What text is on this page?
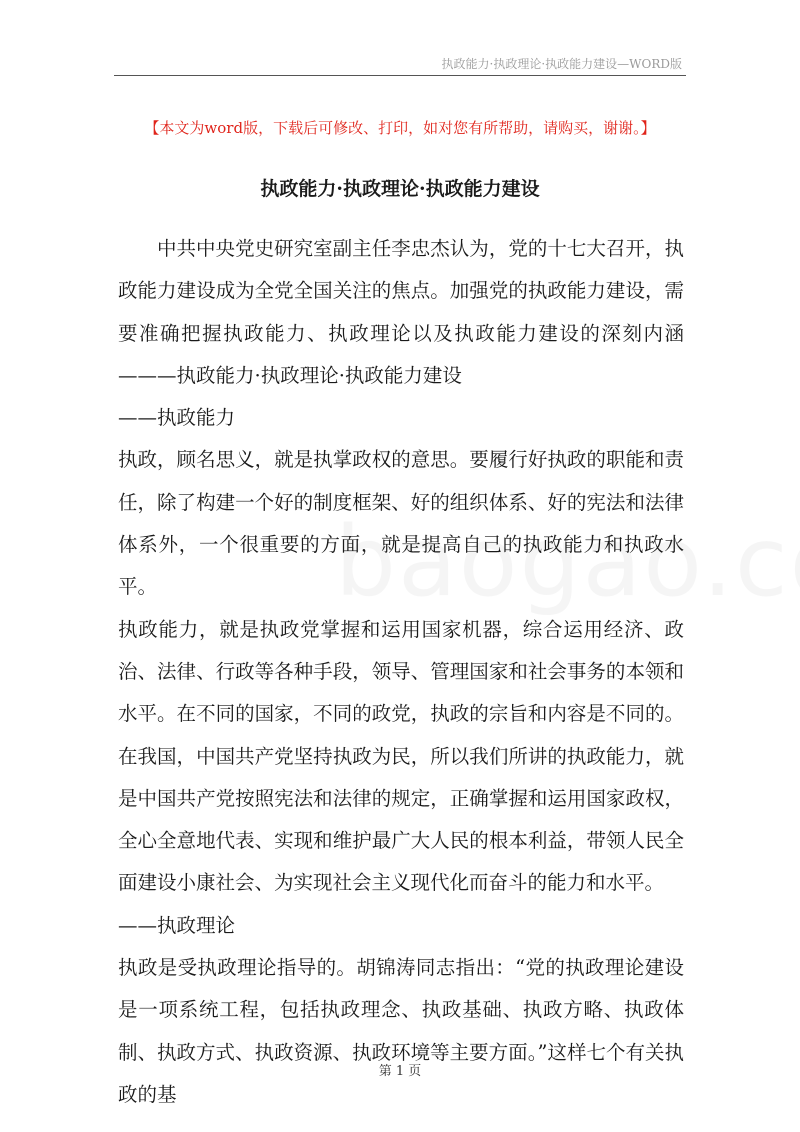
执政能力·执政理论·执政能力建设—WORD版
【本文为word版，下载后可修改、打印，如对您有所帮助，请购买，谢谢。】
执政能力·执政理论·执政能力建设

中共中央党史研究室副主任李忠杰认为，党的十七大召开，执政能力建设成为全党全国关注的焦点。加强党的执政能力建设，需要准确把握执政能力、执政理论以及执政能力建设的深刻内涵———执政能力·执政理论·执政能力建设

——执政能力

执政，顾名思义，就是执掌政权的意思。要履行好执政的职能和责任，除了构建一个好的制度框架、好的组织体系、好的宪法和法律体系外，一个很重要的方面，就是提高自己的执政能力和执政水平。

执政能力，就是执政党掌握和运用国家机器，综合运用经济、政治、法律、行政等各种手段，领导、管理国家和社会事务的本领和水平。在不同的国家，不同的政党，执政的宗旨和内容是不同的。在我国，中国共产党坚持执政为民，所以我们所讲的执政能力，就是中国共产党按照宪法和法律的规定，正确掌握和运用国家政权，全心全意地代表、实现和维护最广大人民的根本利益，带领人民全面建设小康社会、为实现社会主义现代化而奋斗的能力和水平。

——执政理论

执政是受执政理论指导的。胡锦涛同志指出：“党的执政理论建设是一项系统工程，包括执政理念、执政基础、执政方略、执政体制、执政方式、执政资源、执政环境等主要方面。”这样七个有关执政的基

第 1 页
